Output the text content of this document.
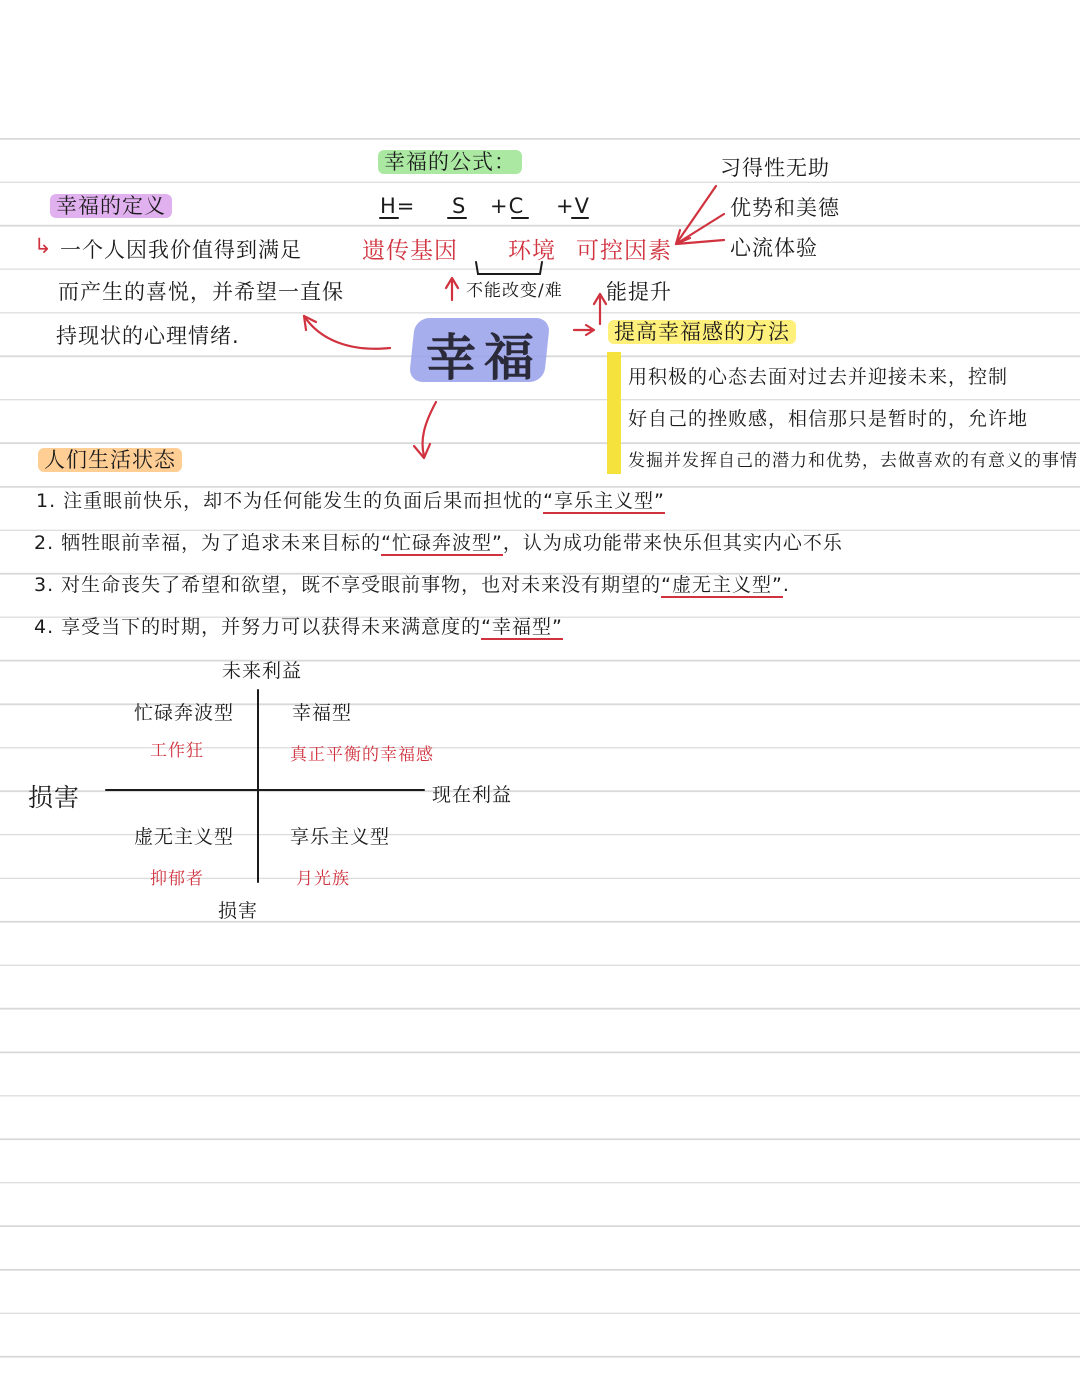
幸福的公式：
H= S +C +V
遗传基因 环境 可控因素
不能改变/难 能提升
习得性无助
优势和美德
心流体验
幸福的定义
↳ 一个人因我价值得到满足
而产生的喜悦，并希望一直保
持现状的心理情绪.	幸福	提高幸福感的方法
用积极的心态去面对过去并迎接未来，控制
好自己的挫败感，相信那只是暂时的，允许地
发掘并发挥自己的潜力和优势，去做喜欢的有意义的事情
人们生活状态
1. 注重眼前快乐，却不为任何能发生的负面后果而担忧的“享乐主义型”
2. 牺牲眼前幸福，为了追求未来目标的“忙碌奔波型”，认为成功能带来快乐但其实内心不乐
3. 对生命丧失了希望和欲望，既不享受眼前事物，也对未来没有期望的“虚无主义型”.
4. 享受当下的时期，并努力可以获得未来满意度的“幸福型”
未来利益
损害
损害	现在利益
忙碌奔波型
工作狂
幸福型
真正平衡的幸福感
虚无主义型
抑郁者
享乐主义型
月光族
